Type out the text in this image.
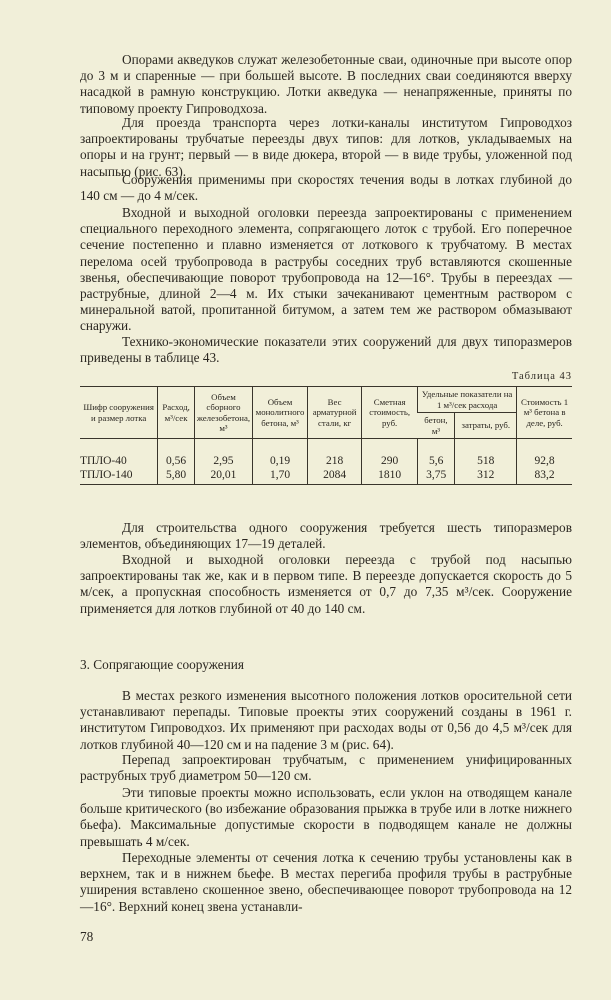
Опорами акведуков служат железобетонные сваи, одиночные при высоте опор до 3 м и спаренные — при большей высоте. В последних сваи соединяются вверху насадкой в рамную конструкцию. Лотки акведука — ненапряженные, приняты по типовому проекту Гипроводхоза.

Для проезда транспорта через лотки-каналы институтом Гипроводхоз запроектированы трубчатые переезды двух типов: для лотков, укладываемых на опоры и на грунт; первый — в виде дюкера, второй — в виде трубы, уложенной под насыпью (рис. 63).

Сооружения применимы при скоростях течения воды в лотках глубиной до 140 см — до 4 м/сек.

Входной и выходной оголовки переезда запроектированы с применением специального переходного элемента, сопрягающего лоток с трубой. Его поперечное сечение постепенно и плавно изменяется от лоткового к трубчатому. В местах перелома осей трубопровода в раструбы соседних труб вставляются скошенные звенья, обеспечивающие поворот трубопровода на 12—16°. Трубы в переездах — раструбные, длиной 2—4 м. Их стыки зачеканивают цементным раствором с минеральной ватой, пропитанной битумом, а затем тем же раствором обмазывают снаружи.

Технико-экономические показатели этих сооружений для двух типоразмеров приведены в таблице 43.

Таблица 43
Шифр сооружения и размер лотка	Расход, м³/сек	Объем сборного железобетона, м³	Объем монолитного бетона, м³	Вес арматурной стали, кг	Сметная стоимость, руб.	Удельные показатели на 1 м³/сек расхода		Стоимость 1 м³ бетона в деле, руб.
						бетон, м³	затраты, руб.	
ТПЛО-40	0,56	2,95	0,19	218	290	5,6	518	92,8
ТПЛО-140	5,80	20,01	1,70	2084	1810	3,75	312	83,2

Для строительства одного сооружения требуется шесть типоразмеров элементов, объединяющих 17—19 деталей.

Входной и выходной оголовки переезда с трубой под насыпью запроектированы так же, как и в первом типе. В переезде допускается скорость до 5 м/сек, а пропускная способность изменяется от 0,7 до 7,35 м³/сек. Сооружение применяется для лотков глубиной от 40 до 140 см.

3. Сопрягающие сооружения

В местах резкого изменения высотного положения лотков оросительной сети устанавливают перепады. Типовые проекты этих сооружений созданы в 1961 г. институтом Гипроводхоз. Их применяют при расходах воды от 0,56 до 4,5 м³/сек для лотков глубиной 40—120 см и на падение 3 м (рис. 64).

Перепад запроектирован трубчатым, с применением унифицированных раструбных труб диаметром 50—120 см.

Эти типовые проекты можно использовать, если уклон на отводящем канале больше критического (во избежание образования прыжка в трубе или в лотке нижнего бьефа). Максимальные допустимые скорости в подводящем канале не должны превышать 4 м/сек.

Переходные элементы от сечения лотка к сечению трубы установлены как в верхнем, так и в нижнем бьефе. В местах перегиба профиля трубы в раструбные уширения вставлено скошенное звено, обеспечивающее поворот трубопровода на 12—16°. Верхний конец звена устанавли-

78
